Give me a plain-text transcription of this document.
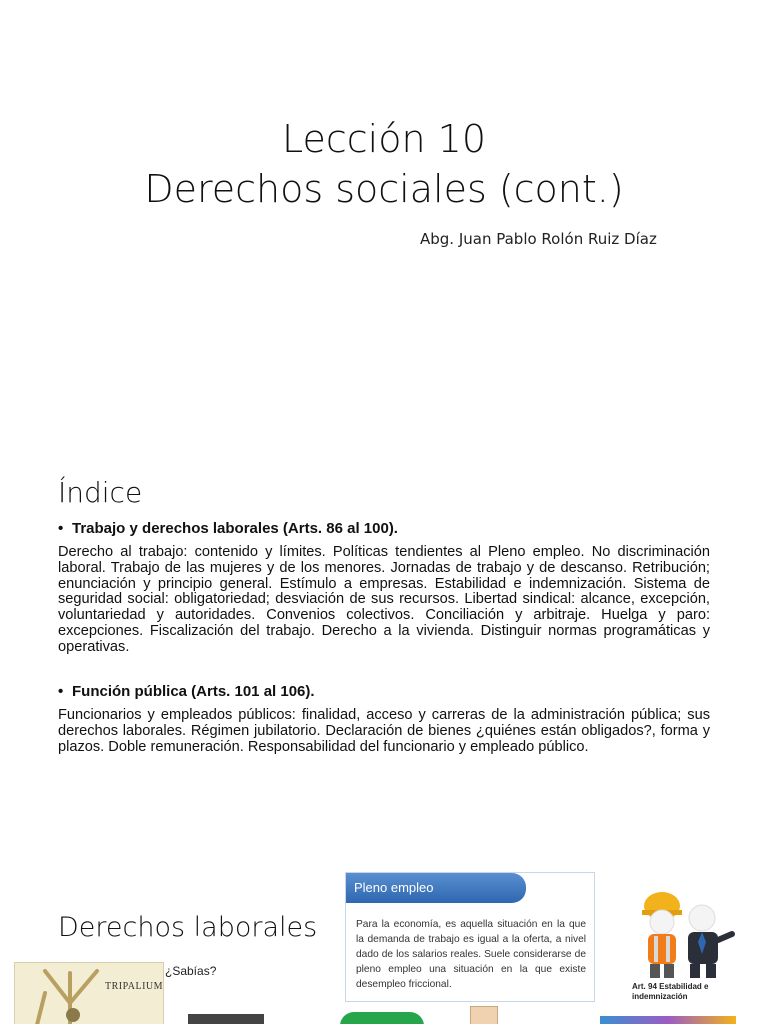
Lección 10
Derechos sociales (cont.)
Abg. Juan Pablo Rolón Ruiz Díaz
Índice
• Trabajo y derechos laborales (Arts. 86 al 100).
Derecho al trabajo: contenido y límites. Políticas tendientes al Pleno empleo. No discriminación laboral. Trabajo de las mujeres y de los menores. Jornadas de trabajo y de descanso. Retribución; enunciación y principio general. Estímulo a empresas. Estabilidad e indemnización. Sistema de seguridad social: obligatoriedad; desviación de sus recursos. Libertad sindical: alcance, excepción, voluntariedad y autoridades. Convenios colectivos. Conciliación y arbitraje. Huelga y paro: excepciones. Fiscalización del trabajo. Derecho a la vivienda. Distinguir normas programáticas y operativas.
• Función pública (Arts. 101 al 106).
Funcionarios y empleados públicos: finalidad, acceso y carreras de la administración pública; sus derechos laborales. Régimen jubilatorio. Declaración de bienes ¿quiénes están obligados?, forma y plazos. Doble remuneración. Responsabilidad del funcionario y empleado público.
Derechos laborales
¿Sabías?
TRIPALIUM
Pleno empleo
Para la economía, es aquella situación en la que la demanda de trabajo es igual a la oferta, a nivel dado de los salarios reales. Suele considerarse de pleno empleo una situación en la que existe desempleo friccional.	Art. 94 Estabilidad e indemnización
